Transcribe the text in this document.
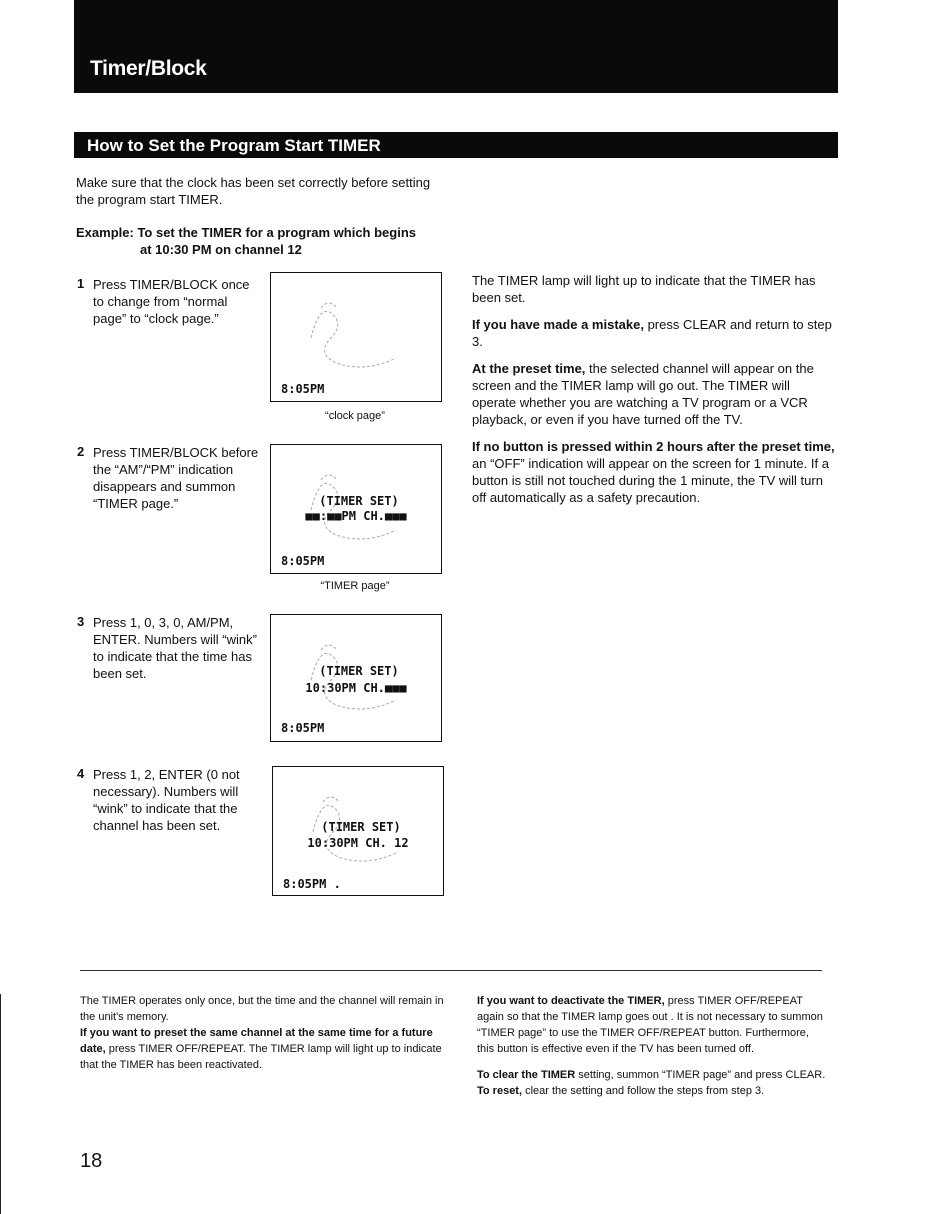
Timer/Block
How to Set the Program Start TIMER
Make sure that the clock has been set correctly before setting the program start TIMER.
Example: To set the TIMER for a program which begins
at 10:30 PM on channel 12
1 Press TIMER/BLOCK once to change from “normal page” to “clock page.”
8:05PM
“clock page”
2 Press TIMER/BLOCK before the “AM”/“PM” indication disappears and summon “TIMER page.”	(TIMER SET)
■■:■■PM CH.■■■
8:05PM
“TIMER page”
3 Press 1, 0, 3, 0, AM/PM, ENTER. Numbers will “wink” to indicate that the time has been set.	(TIMER SET)
10:30PM CH.■■■
8:05PM
4 Press 1, 2, ENTER (0 not necessary). Numbers will “wink” to indicate that the channel has been set.	(TIMER SET)
10:30PM CH. 12
8:05PM .

The TIMER lamp will light up to indicate that the TIMER has been set.

If you have made a mistake, press CLEAR and return to step 3.

At the preset time, the selected channel will appear on the screen and the TIMER lamp will go out. The TIMER will operate whether you are watching a TV program or a VCR playback, or even if you have turned off the TV.

If no button is pressed within 2 hours after the preset time, an “OFF” indication will appear on the screen for 1 minute. If a button is still not touched during the 1 minute, the TV will turn off automatically as a safety precaution.

The TIMER operates only once, but the time and the channel will remain in the unit's memory.

If you want to preset the same channel at the same time for a future date, press TIMER OFF/REPEAT. The TIMER lamp will light up to indicate that the TIMER has been reactivated.

If you want to deactivate the TIMER, press TIMER OFF/REPEAT again so that the TIMER lamp goes out . It is not necessary to summon “TIMER page” to use the TIMER OFF/REPEAT button. Furthermore, this button is effective even if the TV has been turned off.

To clear the TIMER setting, summon “TIMER page” and press CLEAR.

To reset, clear the setting and follow the steps from step 3.

18
